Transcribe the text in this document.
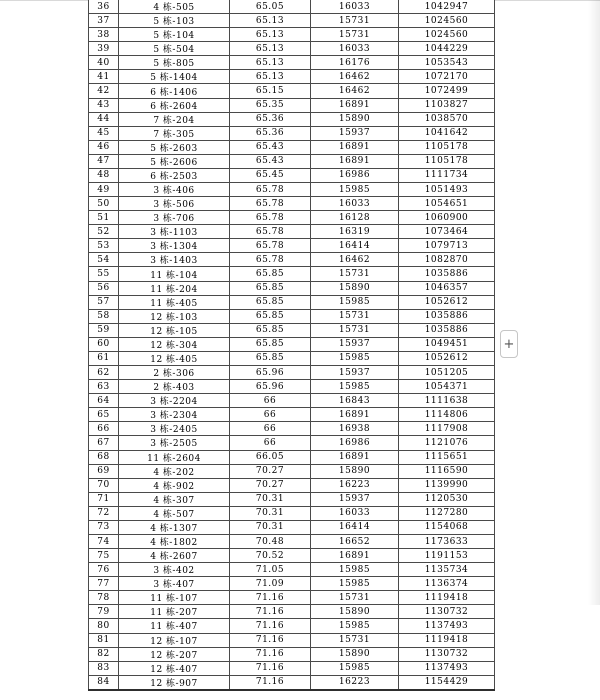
36	4 栋-505	65.05	16033	1042947
37	5 栋-103	65.13	15731	1024560
38	5 栋-104	65.13	15731	1024560
39	5 栋-504	65.13	16033	1044229
40	5 栋-805	65.13	16176	1053543
41	5 栋-1404	65.13	16462	1072170
42	6 栋-1406	65.15	16462	1072499
43	6 栋-2604	65.35	16891	1103827
44	7 栋-204	65.36	15890	1038570
45	7 栋-305	65.36	15937	1041642
46	5 栋-2603	65.43	16891	1105178
47	5 栋-2606	65.43	16891	1105178
48	6 栋-2503	65.45	16986	1111734
49	3 栋-406	65.78	15985	1051493
50	3 栋-506	65.78	16033	1054651
51	3 栋-706	65.78	16128	1060900
52	3 栋-1103	65.78	16319	1073464
53	3 栋-1304	65.78	16414	1079713
54	3 栋-1403	65.78	16462	1082870
55	11 栋-104	65.85	15731	1035886
56	11 栋-204	65.85	15890	1046357
57	11 栋-405	65.85	15985	1052612
58	12 栋-103	65.85	15731	1035886
59	12 栋-105	65.85	15731	1035886
60	12 栋-304	65.85	15937	1049451
61	12 栋-405	65.85	15985	1052612
62	2 栋-306	65.96	15937	1051205
63	2 栋-403	65.96	15985	1054371
64	3 栋-2204	66	16843	1111638
65	3 栋-2304	66	16891	1114806
66	3 栋-2405	66	16938	1117908
67	3 栋-2505	66	16986	1121076
68	11 栋-2604	66.05	16891	1115651
69	4 栋-202	70.27	15890	1116590
70	4 栋-902	70.27	16223	1139990
71	4 栋-307	70.31	15937	1120530
72	4 栋-507	70.31	16033	1127280
73	4 栋-1307	70.31	16414	1154068
74	4 栋-1802	70.48	16652	1173633
75	4 栋-2607	70.52	16891	1191153
76	3 栋-402	71.05	15985	1135734
77	3 栋-407	71.09	15985	1136374
78	11 栋-107	71.16	15731	1119418
79	11 栋-207	71.16	15890	1130732
80	11 栋-407	71.16	15985	1137493
81	12 栋-107	71.16	15731	1119418
82	12 栋-207	71.16	15890	1130732
83	12 栋-407	71.16	15985	1137493
84	12 栋-907	71.16	16223	1154429
+
